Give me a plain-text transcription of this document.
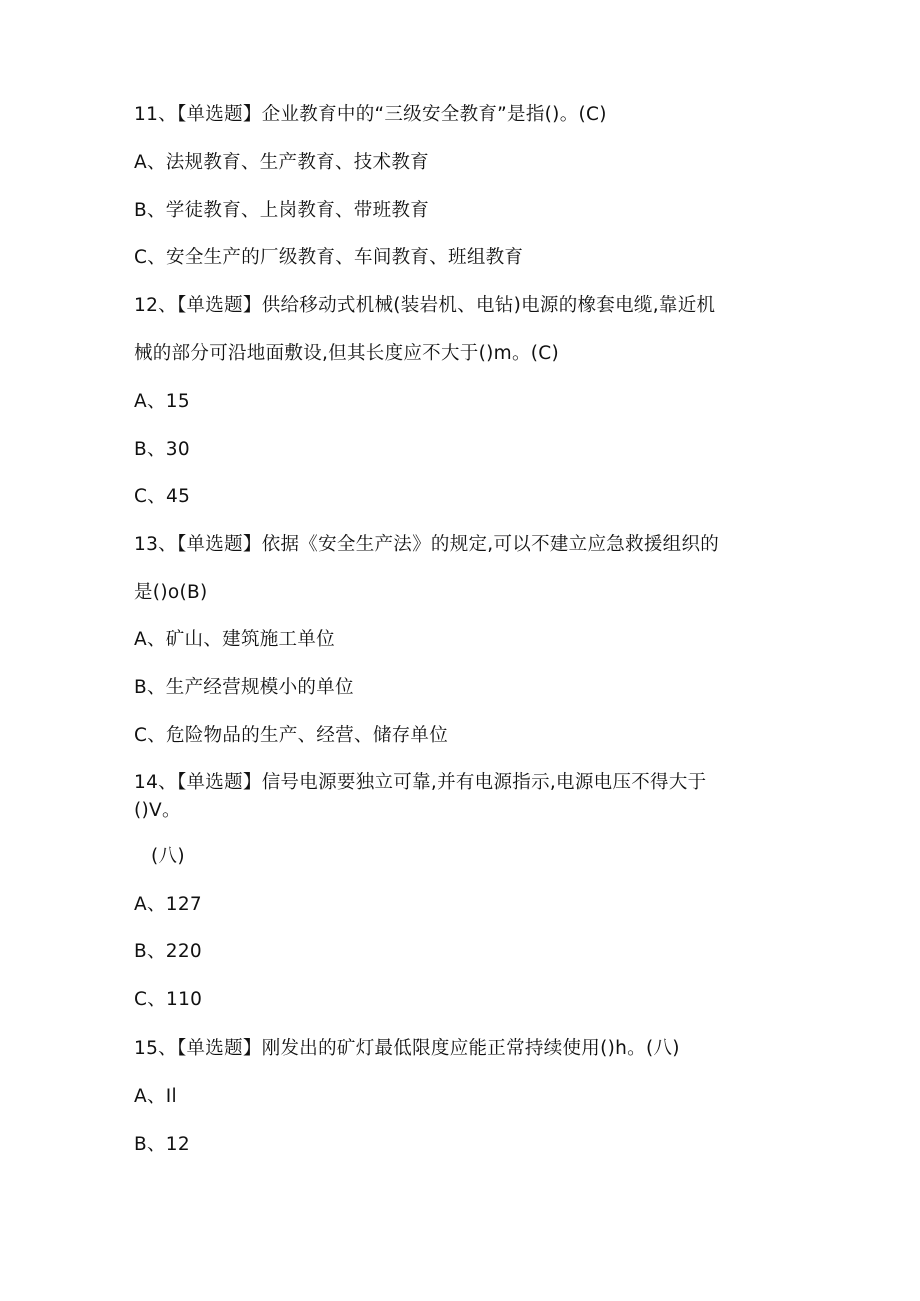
11、【单选题】企业教育中的“三级安全教育”是指()。(C)
A、法规教育、生产教育、技术教育
B、学徒教育、上岗教育、带班教育
C、安全生产的厂级教育、车间教育、班组教育
12、【单选题】供给移动式机械(装岩机、电钻)电源的橡套电缆,靠近机
械的部分可沿地面敷设,但其长度应不大于()m。(C)
A、15
B、30
C、45
13、【单选题】依据《安全生产法》的规定,可以不建立应急救援组织的
是()o(B)
A、矿山、建筑施工单位
B、生产经营规模小的单位
C、危险物品的生产、经营、储存单位
14、【单选题】信号电源要独立可靠,并有电源指示,电源电压不得大于
()V。
(八)
A、127
B、220
C、110
15、【单选题】刚发出的矿灯最低限度应能正常持续使用()h。(八)
A、Il
B、12
